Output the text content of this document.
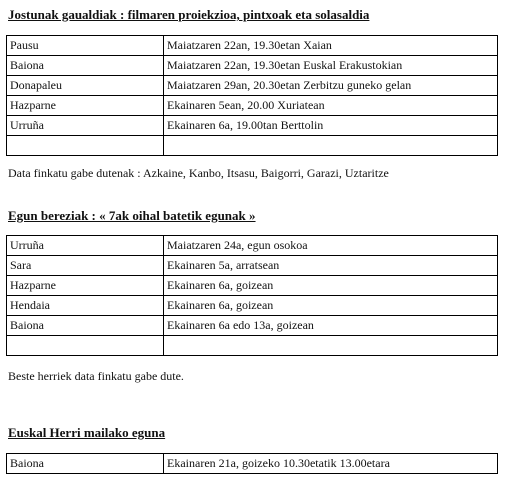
Jostunak gaualdiak : filmaren proiekzioa, pintxoak eta solasaldia
Pausu	Maiatzaren 22an, 19.30etan Xaian
Baiona	Maiatzaren 22an, 19.30etan Euskal Erakustokian
Donapaleu	Maiatzaren 29an, 20.30etan Zerbitzu guneko gelan
Hazparne	Ekainaren 5ean, 20.00 Xuriatean
Urruña	Ekainaren 6a, 19.00tan Berttolin

Data finkatu gabe dutenak : Azkaine, Kanbo, Itsasu, Baigorri, Garazi, Uztaritze
Egun bereziak : « 7ak oihal batetik egunak »
Urruña	Maiatzaren 24a, egun osokoa
Sara	Ekainaren 5a, arratsean
Hazparne	Ekainaren 6a, goizean
Hendaia	Ekainaren 6a, goizean
Baiona	Ekainaren 6a edo 13a, goizean

Beste herriek data finkatu gabe dute.
Euskal Herri mailako eguna
Baiona	Ekainaren 21a, goizeko 10.30etatik 13.00etara
